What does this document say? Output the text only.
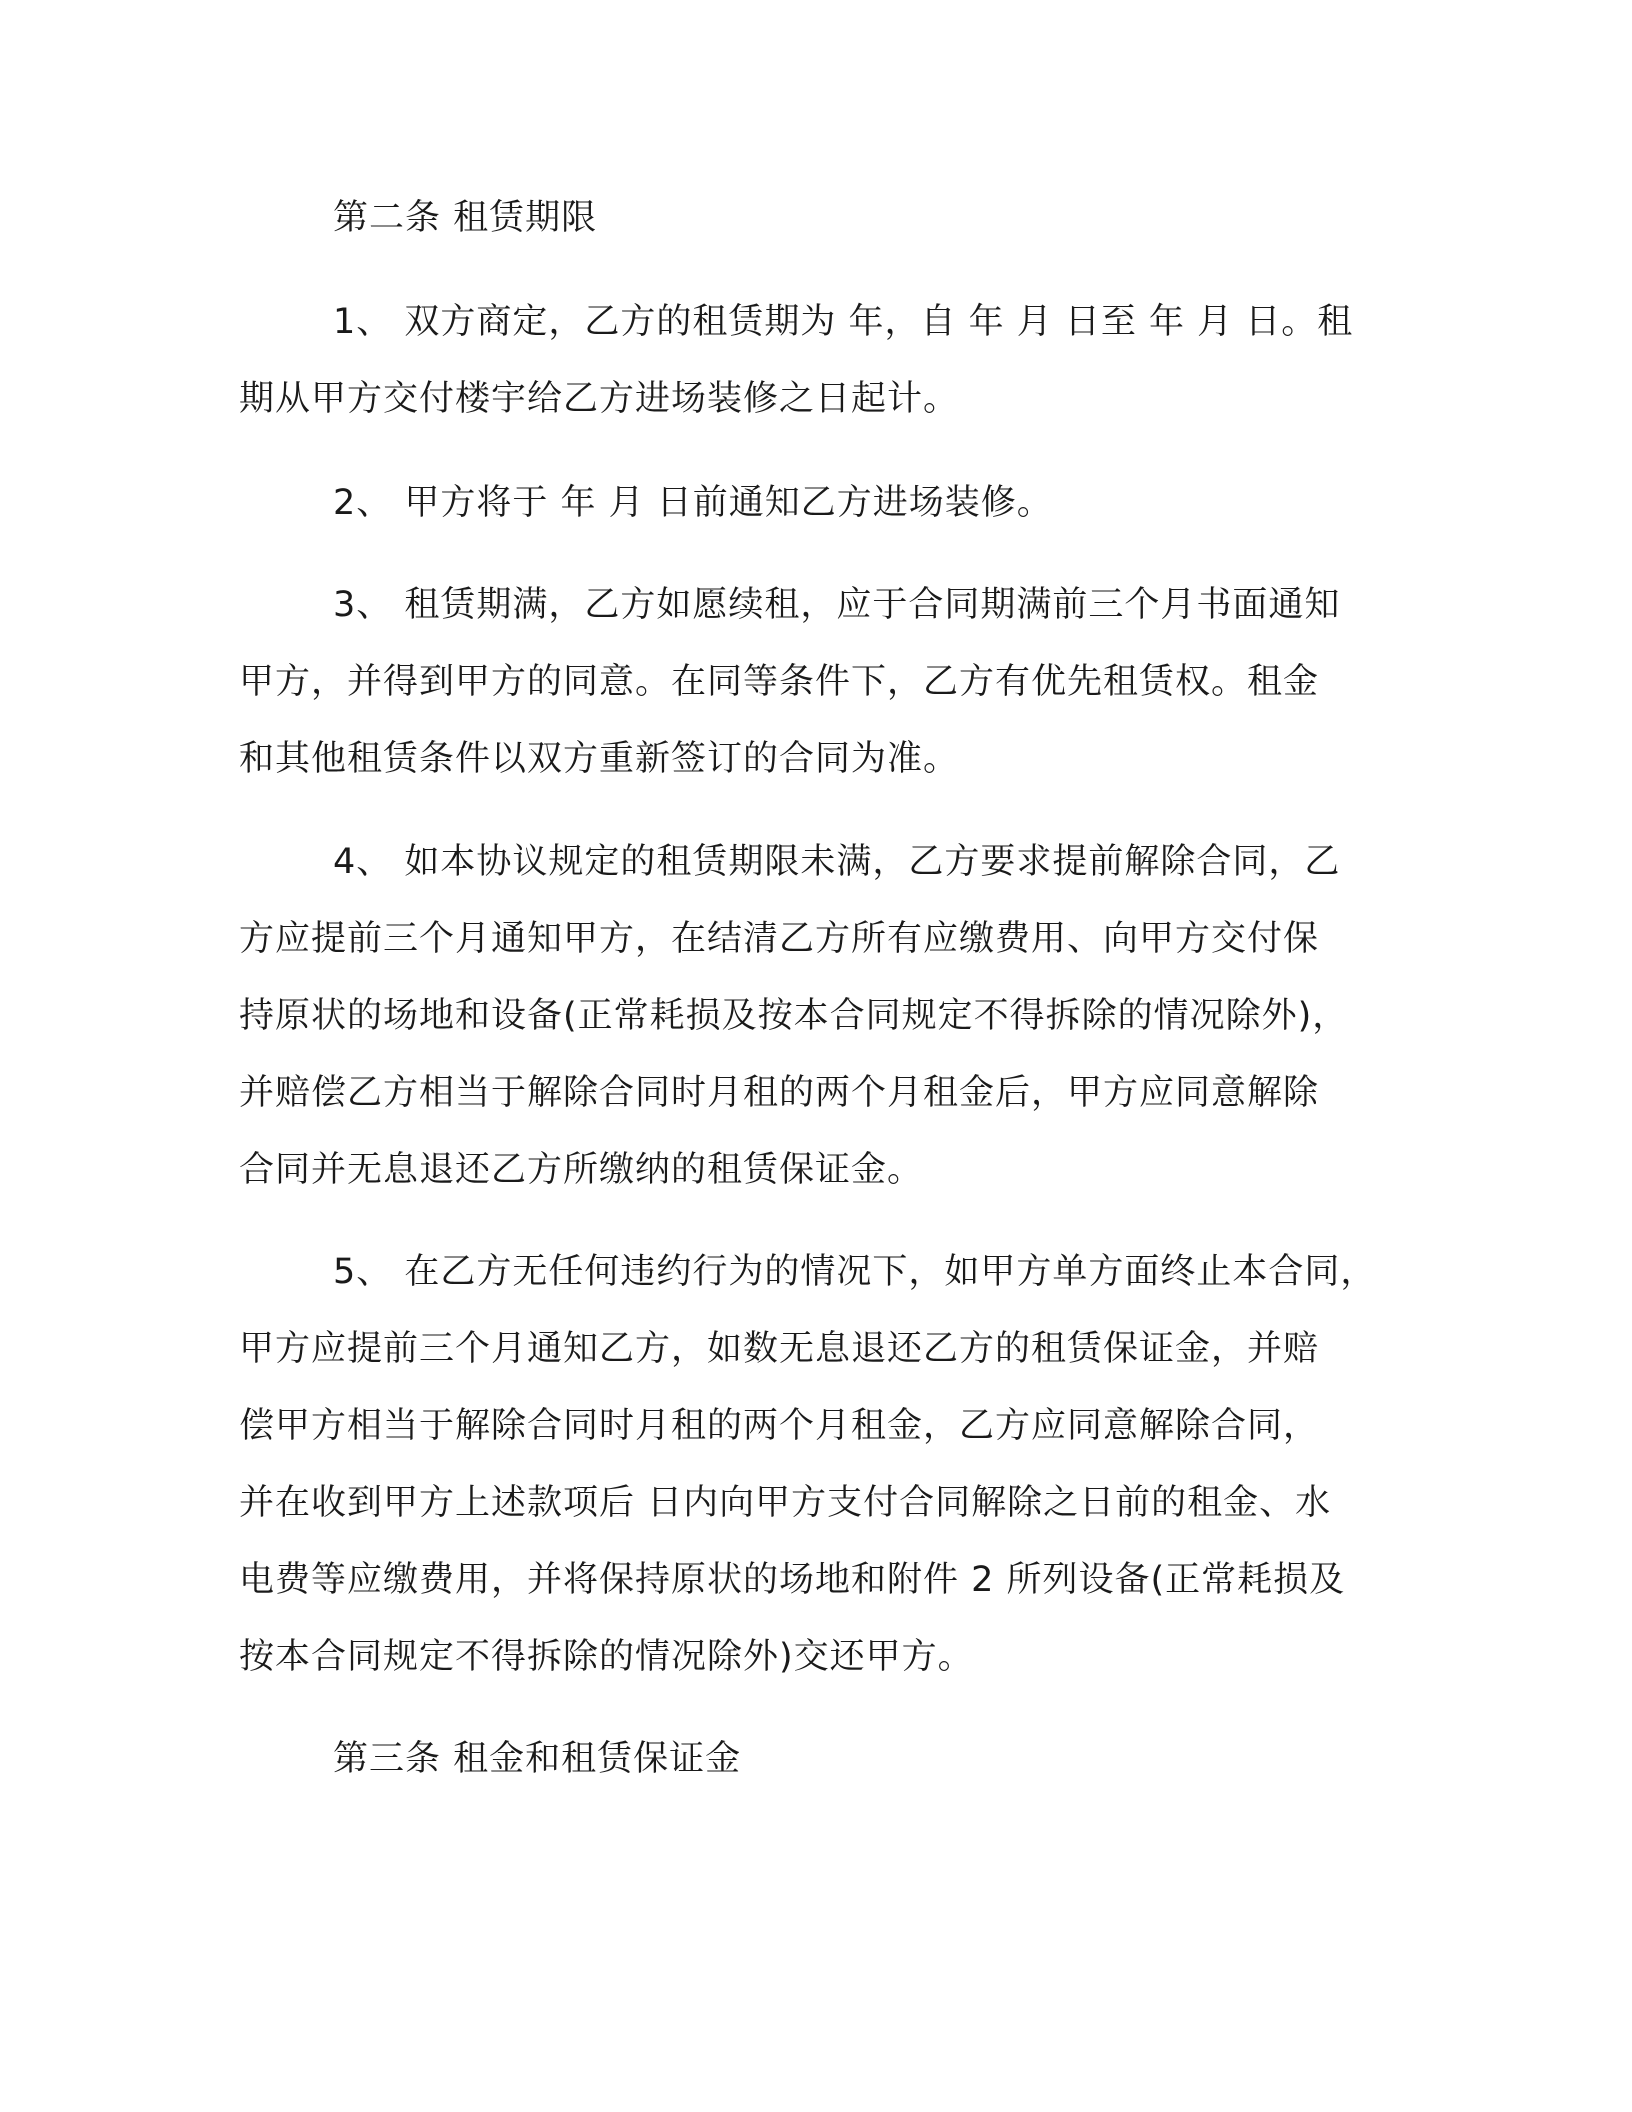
第二条 租赁期限

1、 双方商定，乙方的租赁期为 年，自 年 月 日至 年 月 日。租

期从甲方交付楼宇给乙方进场装修之日起计。

2、 甲方将于 年 月 日前通知乙方进场装修。

3、 租赁期满，乙方如愿续租，应于合同期满前三个月书面通知

甲方，并得到甲方的同意。在同等条件下，乙方有优先租赁权。租金

和其他租赁条件以双方重新签订的合同为准。

4、 如本协议规定的租赁期限未满，乙方要求提前解除合同，乙

方应提前三个月通知甲方，在结清乙方所有应缴费用、向甲方交付保

持原状的场地和设备(正常耗损及按本合同规定不得拆除的情况除外)，

并赔偿乙方相当于解除合同时月租的两个月租金后，甲方应同意解除

合同并无息退还乙方所缴纳的租赁保证金。

5、 在乙方无任何违约行为的情况下，如甲方单方面终止本合同，

甲方应提前三个月通知乙方，如数无息退还乙方的租赁保证金，并赔

偿甲方相当于解除合同时月租的两个月租金，乙方应同意解除合同，

并在收到甲方上述款项后 日内向甲方支付合同解除之日前的租金、水

电费等应缴费用，并将保持原状的场地和附件 2 所列设备(正常耗损及

按本合同规定不得拆除的情况除外)交还甲方。

第三条 租金和租赁保证金
